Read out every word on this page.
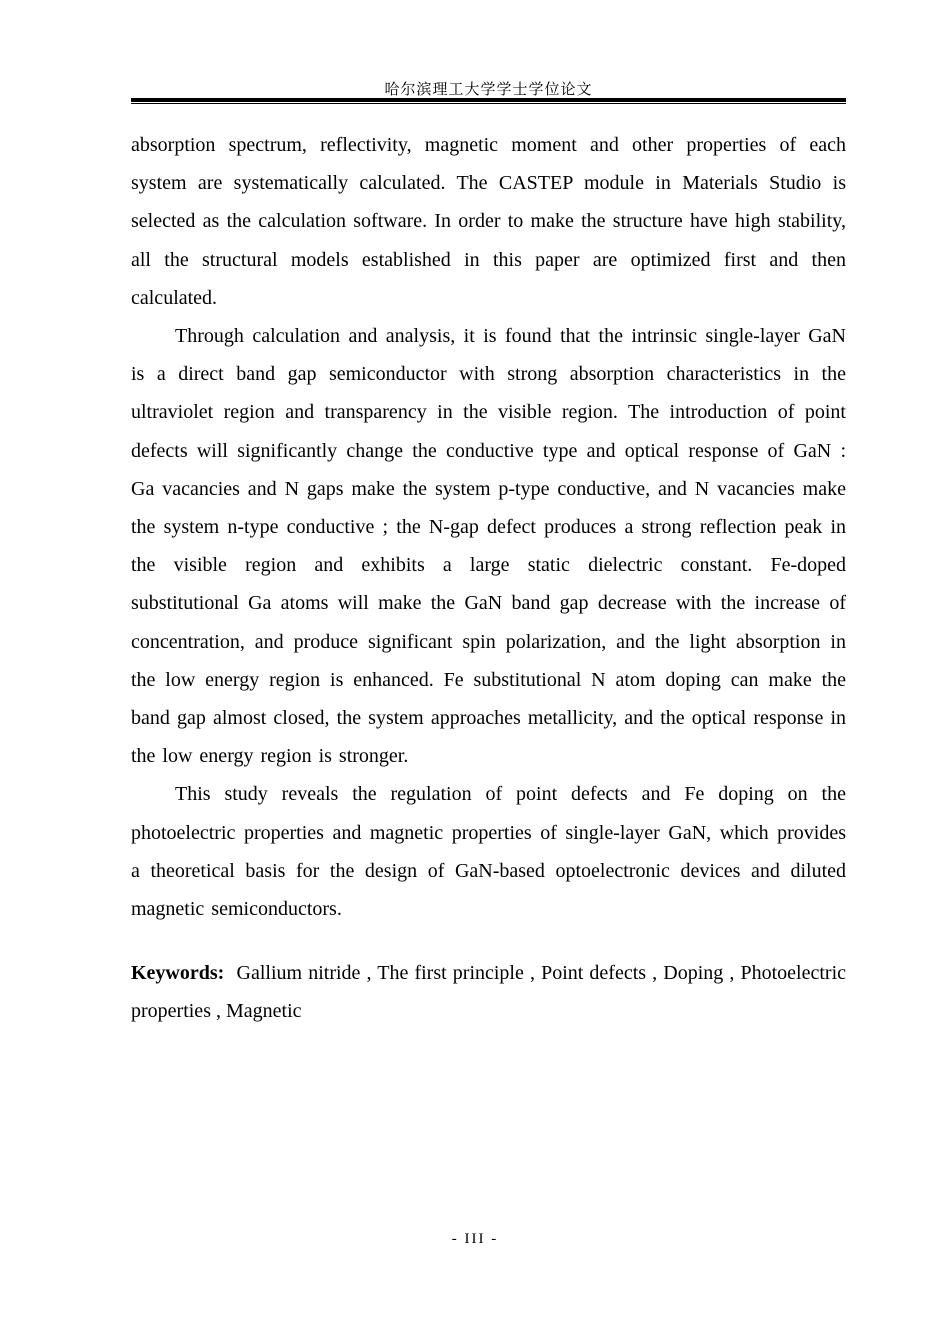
哈尔滨理工大学学士学位论文

absorption spectrum, reflectivity, magnetic moment and other properties of each system are systematically calculated. The CASTEP module in Materials Studio is selected as the calculation software. In order to make the structure have high stability, all the structural models established in this paper are optimized first and then calculated.

Through calculation and analysis, it is found that the intrinsic single-layer GaN is a direct band gap semiconductor with strong absorption characteristics in the ultraviolet region and transparency in the visible region. The introduction of point defects will significantly change the conductive type and optical response of GaN : Ga vacancies and N gaps make the system p-type conductive, and N vacancies make the system n-type conductive ; the N-gap defect produces a strong reflection peak in the visible region and exhibits a large static dielectric constant. Fe-doped substitutional Ga atoms will make the GaN band gap decrease with the increase of concentration, and produce significant spin polarization, and the light absorption in the low energy region is enhanced. Fe substitutional N atom doping can make the band gap almost closed, the system approaches metallicity, and the optical response in the low energy region is stronger.

This study reveals the regulation of point defects and Fe doping on the photoelectric properties and magnetic properties of single-layer GaN, which provides a theoretical basis for the design of GaN-based optoelectronic devices and diluted magnetic semiconductors.

Keywords: Gallium nitride , The first principle , Point defects , Doping , Photoelectric properties , Magnetic

- III -
